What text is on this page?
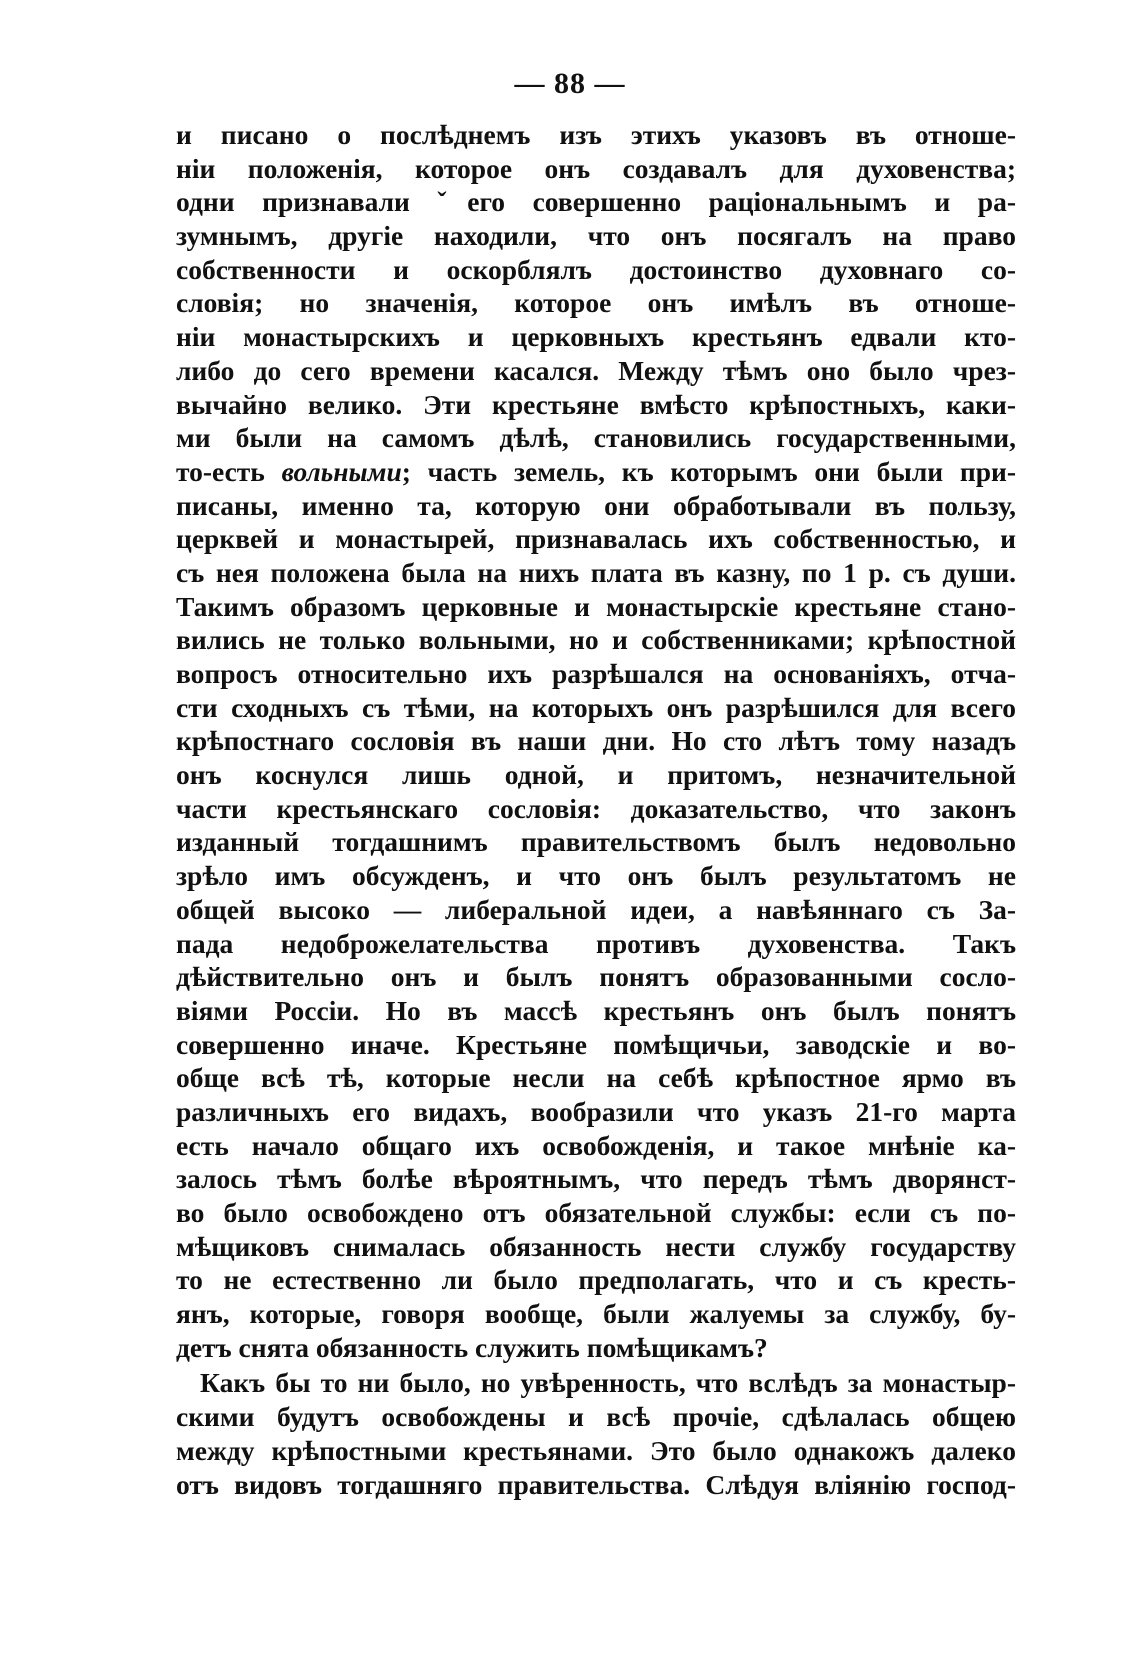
— 88 —
и писано о послѣднемъ изъ этихъ указовъ въ отноше-
ніи положенія, которое онъ создавалъ для духовенства;
одни признавали ˇего совершенно раціональнымъ и ра-
зумнымъ, другіе находили, что онъ посягалъ на право
собственности и оскорблялъ достоинство духовнаго со-
словія; но значенія, которое онъ имѣлъ въ отноше-
ніи монастырскихъ и церковныхъ крестьянъ едвали кто-
либо до сего времени касался. Между тѣмъ оно было чрез-
вычайно велико. Эти крестьяне вмѣсто крѣпостныхъ, каки-
ми были на самомъ дѣлѣ, становились государственными,
то-есть вольными; часть земель, къ которымъ они были при-
писаны, именно та, которую они обработывали въ пользу,
церквей и монастырей, признавалась ихъ собственностью, и
съ нея положена была на нихъ плата въ казну, по 1 р. съ души.
Такимъ образомъ церковные и монастырскіе крестьяне стано-
вились не только вольными, но и собственниками; крѣпостной
вопросъ относительно ихъ разрѣшался на основаніяхъ, отча-
сти сходныхъ съ тѣми, на которыхъ онъ разрѣшился для всего
крѣпостнаго сословія въ наши дни. Но сто лѣтъ тому назадъ
онъ коснулся лишь одной, и притомъ, незначительной
части крестьянскаго сословія: доказательство, что законъ
изданный тогдашнимъ правительствомъ былъ недовольно
зрѣло имъ обсужденъ, и что онъ былъ результатомъ не
общей высоко — либеральной идеи, а навѣяннаго съ За-
пада недоброжелательства противъ духовенства. Такъ
дѣйствительно онъ и былъ понятъ образованными сосло-
віями Россіи. Но въ массѣ крестьянъ онъ былъ понятъ
совершенно иначе. Крестьяне помѣщичьи, заводскіе и во-
обще всѣ тѣ, которые несли на себѣ крѣпостное ярмо въ
различныхъ его видахъ, вообразили что указъ 21-го марта
есть начало общаго ихъ освобожденія, и такое мнѣніе ка-
залось тѣмъ болѣе вѣроятнымъ, что передъ тѣмъ дворянст-
во было освобождено отъ обязательной службы: если съ по-
мѣщиковъ снималась обязанность нести службу государству
то не естественно ли было предполагать, что и съ кресть-
янъ, которые, говоря вообще, были жалуемы за службу, бу-
детъ снята обязанность служить помѣщикамъ?
Какъ бы то ни было, но увѣренность, что вслѣдъ за монастыр-
скими будутъ освобождены и всѣ прочіе, сдѣлалась общею
между крѣпостными крестьянами. Это было однакожъ далеко
отъ видовъ тогдашняго правительства. Слѣдуя вліянію господ-
